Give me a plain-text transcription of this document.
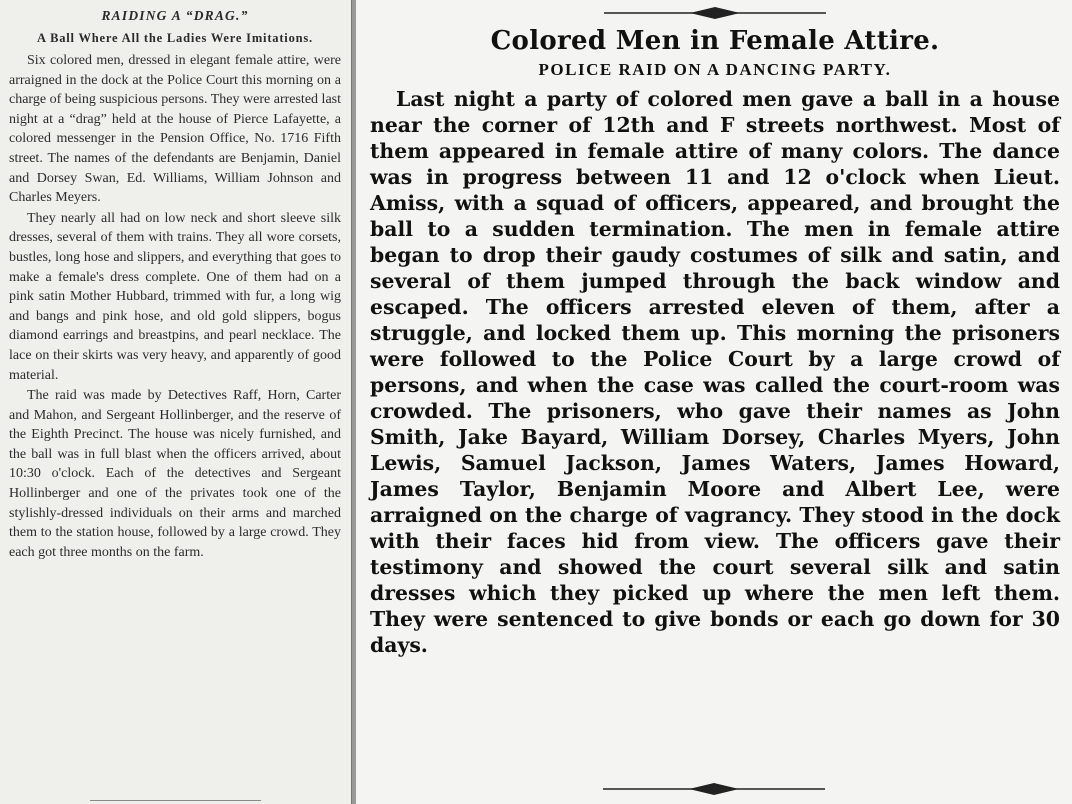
RAIDING A “DRAG.”
A Ball Where All the Ladies Were Imitations.

Six colored men, dressed in elegant female attire, were arraigned in the dock at the Police Court this morning on a charge of being suspicious persons. They were arrested last night at a “drag” held at the house of Pierce Lafayette, a colored messenger in the Pension Office, No. 1716 Fifth street. The names of the defendants are Benjamin, Daniel and Dorsey Swan, Ed. Williams, William Johnson and Charles Meyers.

They nearly all had on low neck and short sleeve silk dresses, several of them with trains. They all wore corsets, bustles, long hose and slippers, and everything that goes to make a female's dress complete. One of them had on a pink satin Mother Hubbard, trimmed with fur, a long wig and bangs and pink hose, and old gold slippers, bogus diamond earrings and breastpins, and pearl necklace. The lace on their skirts was very heavy, and apparently of good material.

The raid was made by Detectives Raff, Horn, Carter and Mahon, and Sergeant Hollinberger, and the reserve of the Eighth Precinct. The house was nicely furnished, and the ball was in full blast when the officers arrived, about 10:30 o'clock. Each of the detectives and Sergeant Hollinberger and one of the privates took one of the stylishly-dressed individuals on their arms and marched them to the station house, followed by a large crowd. They each got three months on the farm.

Colored Men in Female Attire.
POLICE RAID ON A DANCING PARTY.

Last night a party of colored men gave a ball in a house near the corner of 12th and F streets northwest. Most of them appeared in female attire of many colors. The dance was in progress between 11 and 12 o'clock when Lieut. Amiss, with a squad of officers, appeared, and brought the ball to a sudden termination. The men in female attire began to drop their gaudy costumes of silk and satin, and several of them jumped through the back window and escaped. The officers arrested eleven of them, after a struggle, and locked them up. This morning the prisoners were followed to the Police Court by a large crowd of persons, and when the case was called the court-room was crowded. The prisoners, who gave their names as John Smith, Jake Bayard, William Dorsey, Charles Myers, John Lewis, Samuel Jackson, James Waters, James Howard, James Taylor, Benjamin Moore and Albert Lee, were arraigned on the charge of vagrancy. They stood in the dock with their faces hid from view. The officers gave their testimony and showed the court several silk and satin dresses which they picked up where the men left them. They were sentenced to give bonds or each go down for 30 days.
